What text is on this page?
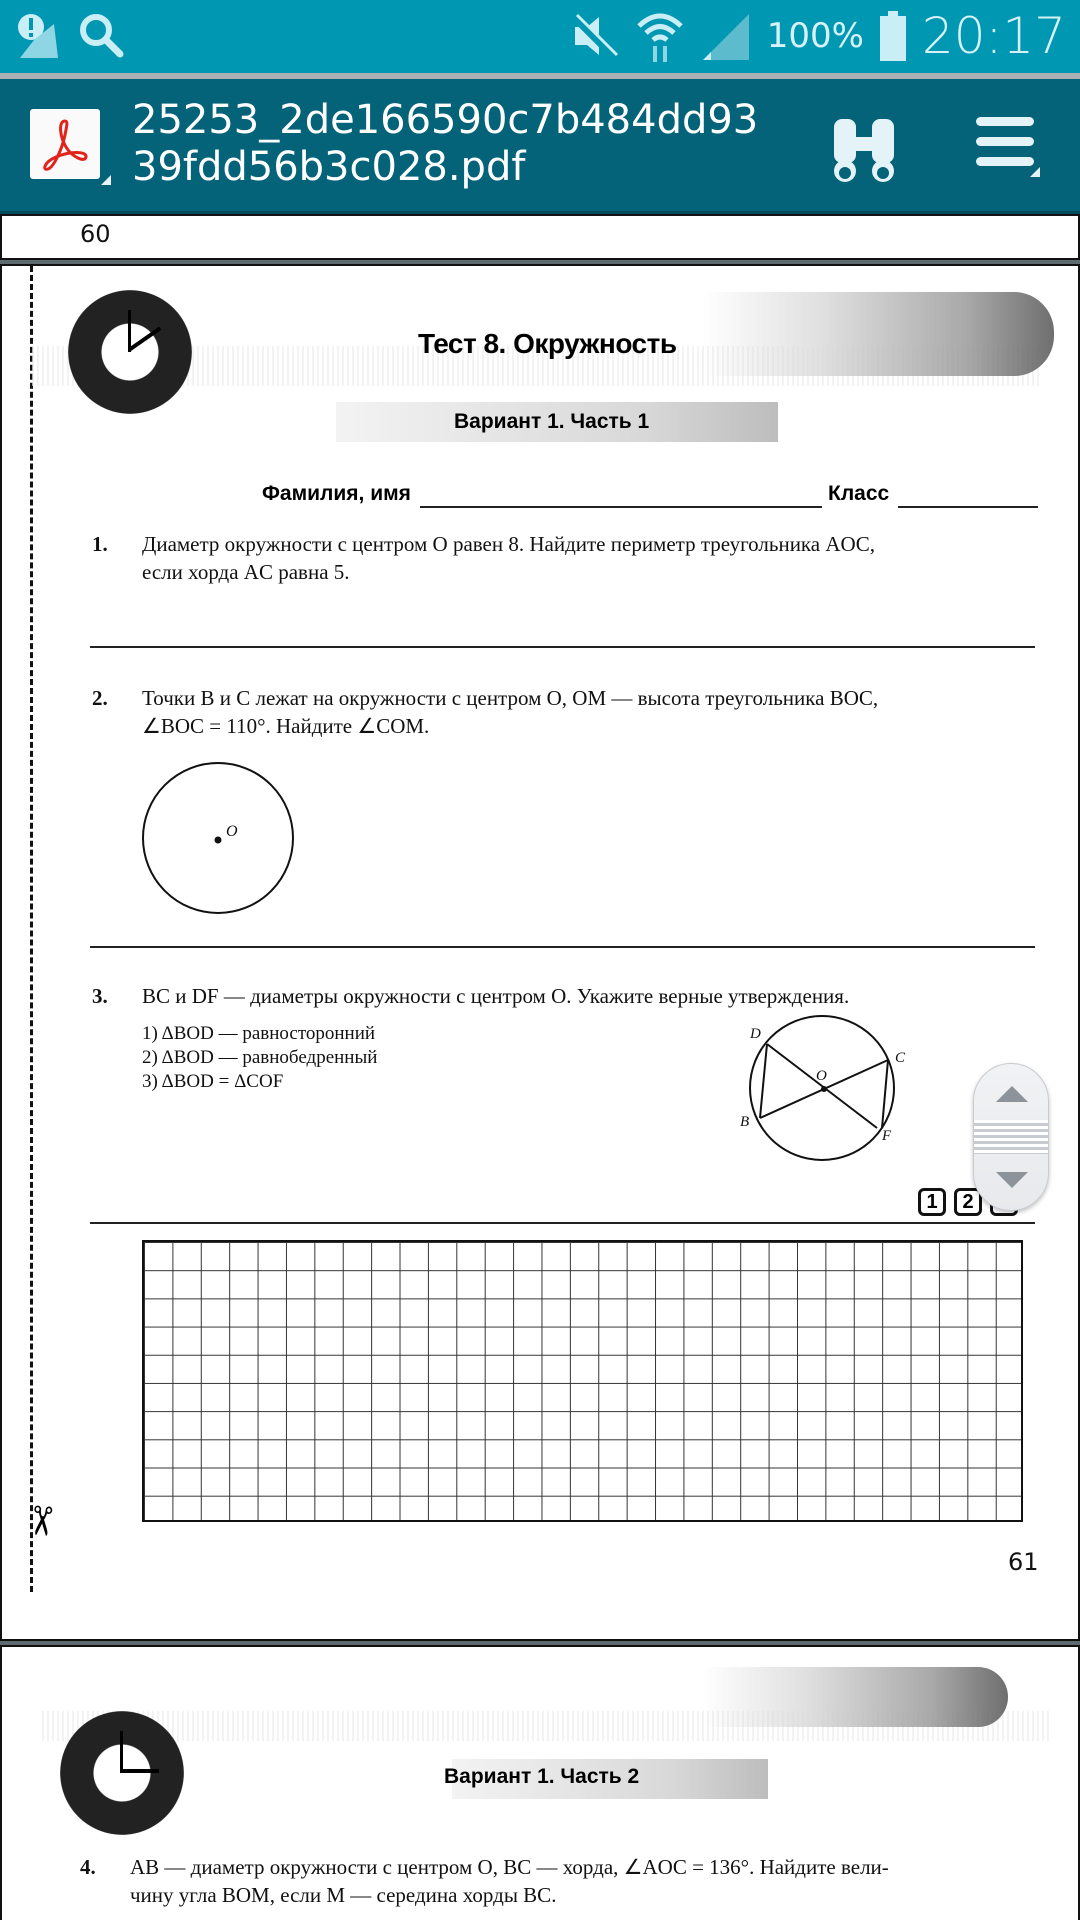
100% 20:17
25253_2de166590c7b484dd9339fdd56b3c028.pdf
60
✂
Тест 8. Окружность
Вариант 1. Часть 1
Фамилия, имя	Класс
1. Диаметр окружности с центром O равен 8. Найдите периметр треугольника AOC,
если хорда AC равна 5.
2. Точки B и C лежат на окружности с центром O, OM — высота треугольника BOC,
∠BOC = 110°. Найдите ∠COM.
O
3. BC и DF — диаметры окружности с центром O. Укажите верные утверждения.
1) ΔBOD — равносторонний
2) ΔBOD — равнобедренный
3) ΔBOD = ΔCOF
D
C
O
B
F
1	2
61
Вариант 1. Часть 2
4. AB — диаметр окружности с центром O, BC — хорда, ∠AOC = 136°. Найдите вели-
чину угла BOM, если M — середина хорды BC.
